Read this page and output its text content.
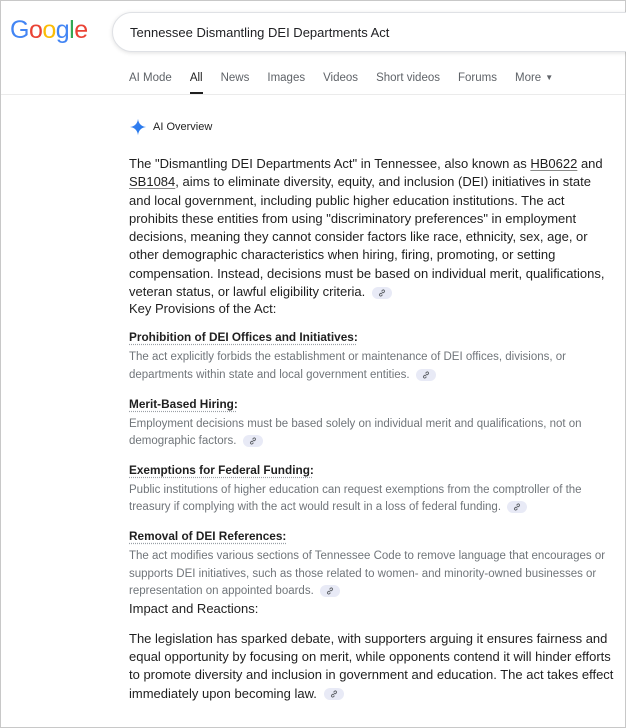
Google
Tennessee Dismantling DEI Departments Act
AI Mode All News Images Videos Short videos Forums More ▼
AI Overview
The "Dismantling DEI Departments Act" in Tennessee, also known as HB0622 and SB1084, aims to eliminate diversity, equity, and inclusion (DEI) initiatives in state and local government, including public higher education institutions. The act prohibits these entities from using "discriminatory preferences" in employment decisions, meaning they cannot consider factors like race, ethnicity, sex, age, or other demographic characteristics when hiring, firing, promoting, or setting compensation. Instead, decisions must be based on individual merit, qualifications, veteran status, or lawful eligibility criteria.
Key Provisions of the Act:
Prohibition of DEI Offices and Initiatives:
The act explicitly forbids the establishment or maintenance of DEI offices, divisions, or departments within state and local government entities.
Merit-Based Hiring:
Employment decisions must be based solely on individual merit and qualifications, not on demographic factors.
Exemptions for Federal Funding:
Public institutions of higher education can request exemptions from the comptroller of the treasury if complying with the act would result in a loss of federal funding.
Removal of DEI References:
The act modifies various sections of Tennessee Code to remove language that encourages or supports DEI initiatives, such as those related to women- and minority-owned businesses or representation on appointed boards.
Impact and Reactions:
The legislation has sparked debate, with supporters arguing it ensures fairness and equal opportunity by focusing on merit, while opponents contend it will hinder efforts to promote diversity and inclusion in government and education. The act takes effect immediately upon becoming law.
